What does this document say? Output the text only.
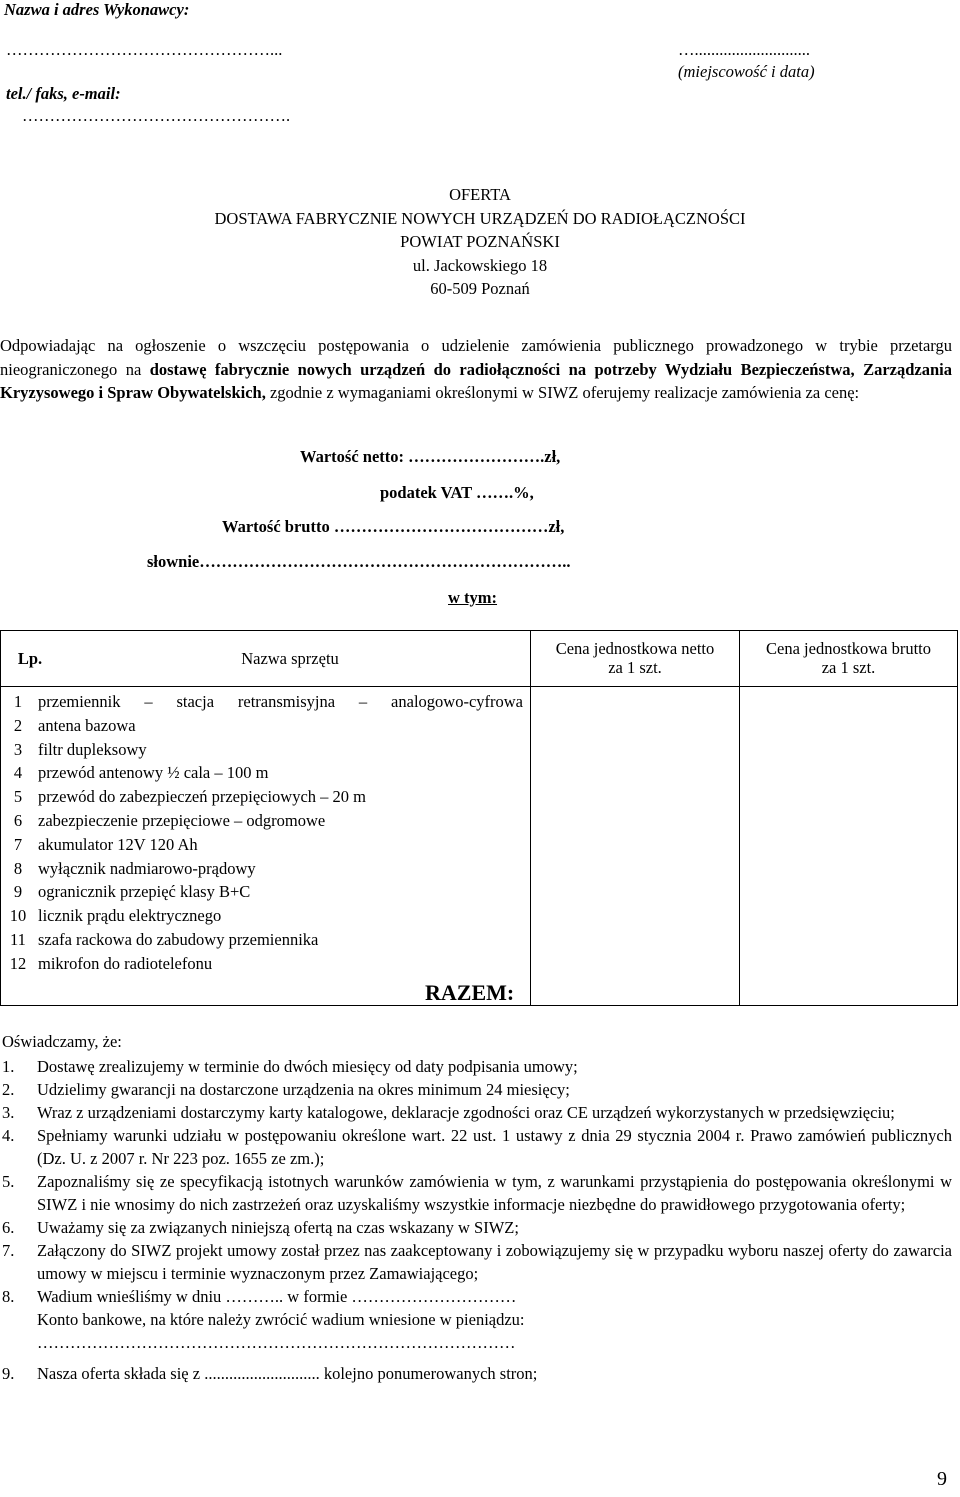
Nazwa i adres Wykonawcy:
…………………………………………...	…............................
(miejscowość i data)
tel./ faks, e-mail:
………………………………………….
OFERTA
DOSTAWA FABRYCZNIE NOWYCH URZĄDZEŃ DO RADIOŁĄCZNOŚCI
POWIAT POZNAŃSKI
ul. Jackowskiego 18
60-509 Poznań
Odpowiadając na ogłoszenie o wszczęciu postępowania o udzielenie zamówienia publicznego prowadzonego w trybie przetargu nieograniczonego na dostawę fabrycznie nowych urządzeń do radiołączności na potrzeby Wydziału Bezpieczeństwa, Zarządzania Kryzysowego i Spraw Obywatelskich, zgodnie z wymaganiami określonymi w SIWZ oferujemy realizacje zamówienia za cenę:
Wartość netto: …………………….zł,
podatek VAT …….%,
Wartość brutto …………………………………zł,
słownie…………………………………………………………..
w tym:
Lp.	Nazwa sprzętu
Cena jednostkowa netto
za 1 szt.
Cena jednostkowa brutto
za 1 szt.
1 przemiennik – stacja retransmisyjna – analogowo-cyfrowa
2 antena bazowa
3 filtr dupleksowy
4 przewód antenowy ½ cala – 100 m
5 przewód do zabezpieczeń przepięciowych – 20 m
6 zabezpieczenie przepięciowe – odgromowe
7 akumulator 12V 120 Ah
8 wyłącznik nadmiarowo-prądowy
9 ogranicznik przepięć klasy B+C
10 licznik prądu elektrycznego
11 szafa rackowa do zabudowy przemiennika
12 mikrofon do radiotelefonu
RAZEM:
Oświadczamy, że:
1. Dostawę zrealizujemy w terminie do dwóch miesięcy od daty podpisania umowy;
2. Udzielimy gwarancji na dostarczone urządzenia na okres minimum 24 miesięcy;
3. Wraz z urządzeniami dostarczymy karty katalogowe, deklaracje zgodności oraz CE urządzeń wykorzystanych w przedsięwzięciu;
4. Spełniamy warunki udziału w postępowaniu określone wart. 22 ust. 1 ustawy z dnia 29 stycznia 2004 r. Prawo zamówień publicznych (Dz. U. z 2007 r. Nr 223 poz. 1655 ze zm.);
5. Zapoznaliśmy się ze specyfikacją istotnych warunków zamówienia w tym, z warunkami przystąpienia do postępowania określonymi w SIWZ i nie wnosimy do nich zastrzeżeń oraz uzyskaliśmy wszystkie informacje niezbędne do prawidłowego przygotowania oferty;
6. Uważamy się za związanych niniejszą ofertą na czas wskazany w SIWZ;
7. Załączony do SIWZ projekt umowy został przez nas zaakceptowany i zobowiązujemy się w przypadku wyboru naszej oferty do zawarcia umowy w miejscu i terminie wyznaczonym przez Zamawiającego;
8. Wadium wnieśliśmy w dniu ……….. w formie …………………………
Konto bankowe, na które należy zwrócić wadium wniesione w pieniądzu:
……………………………………………………………………………
9. Nasza oferta składa się z ............................ kolejno ponumerowanych stron;
9
